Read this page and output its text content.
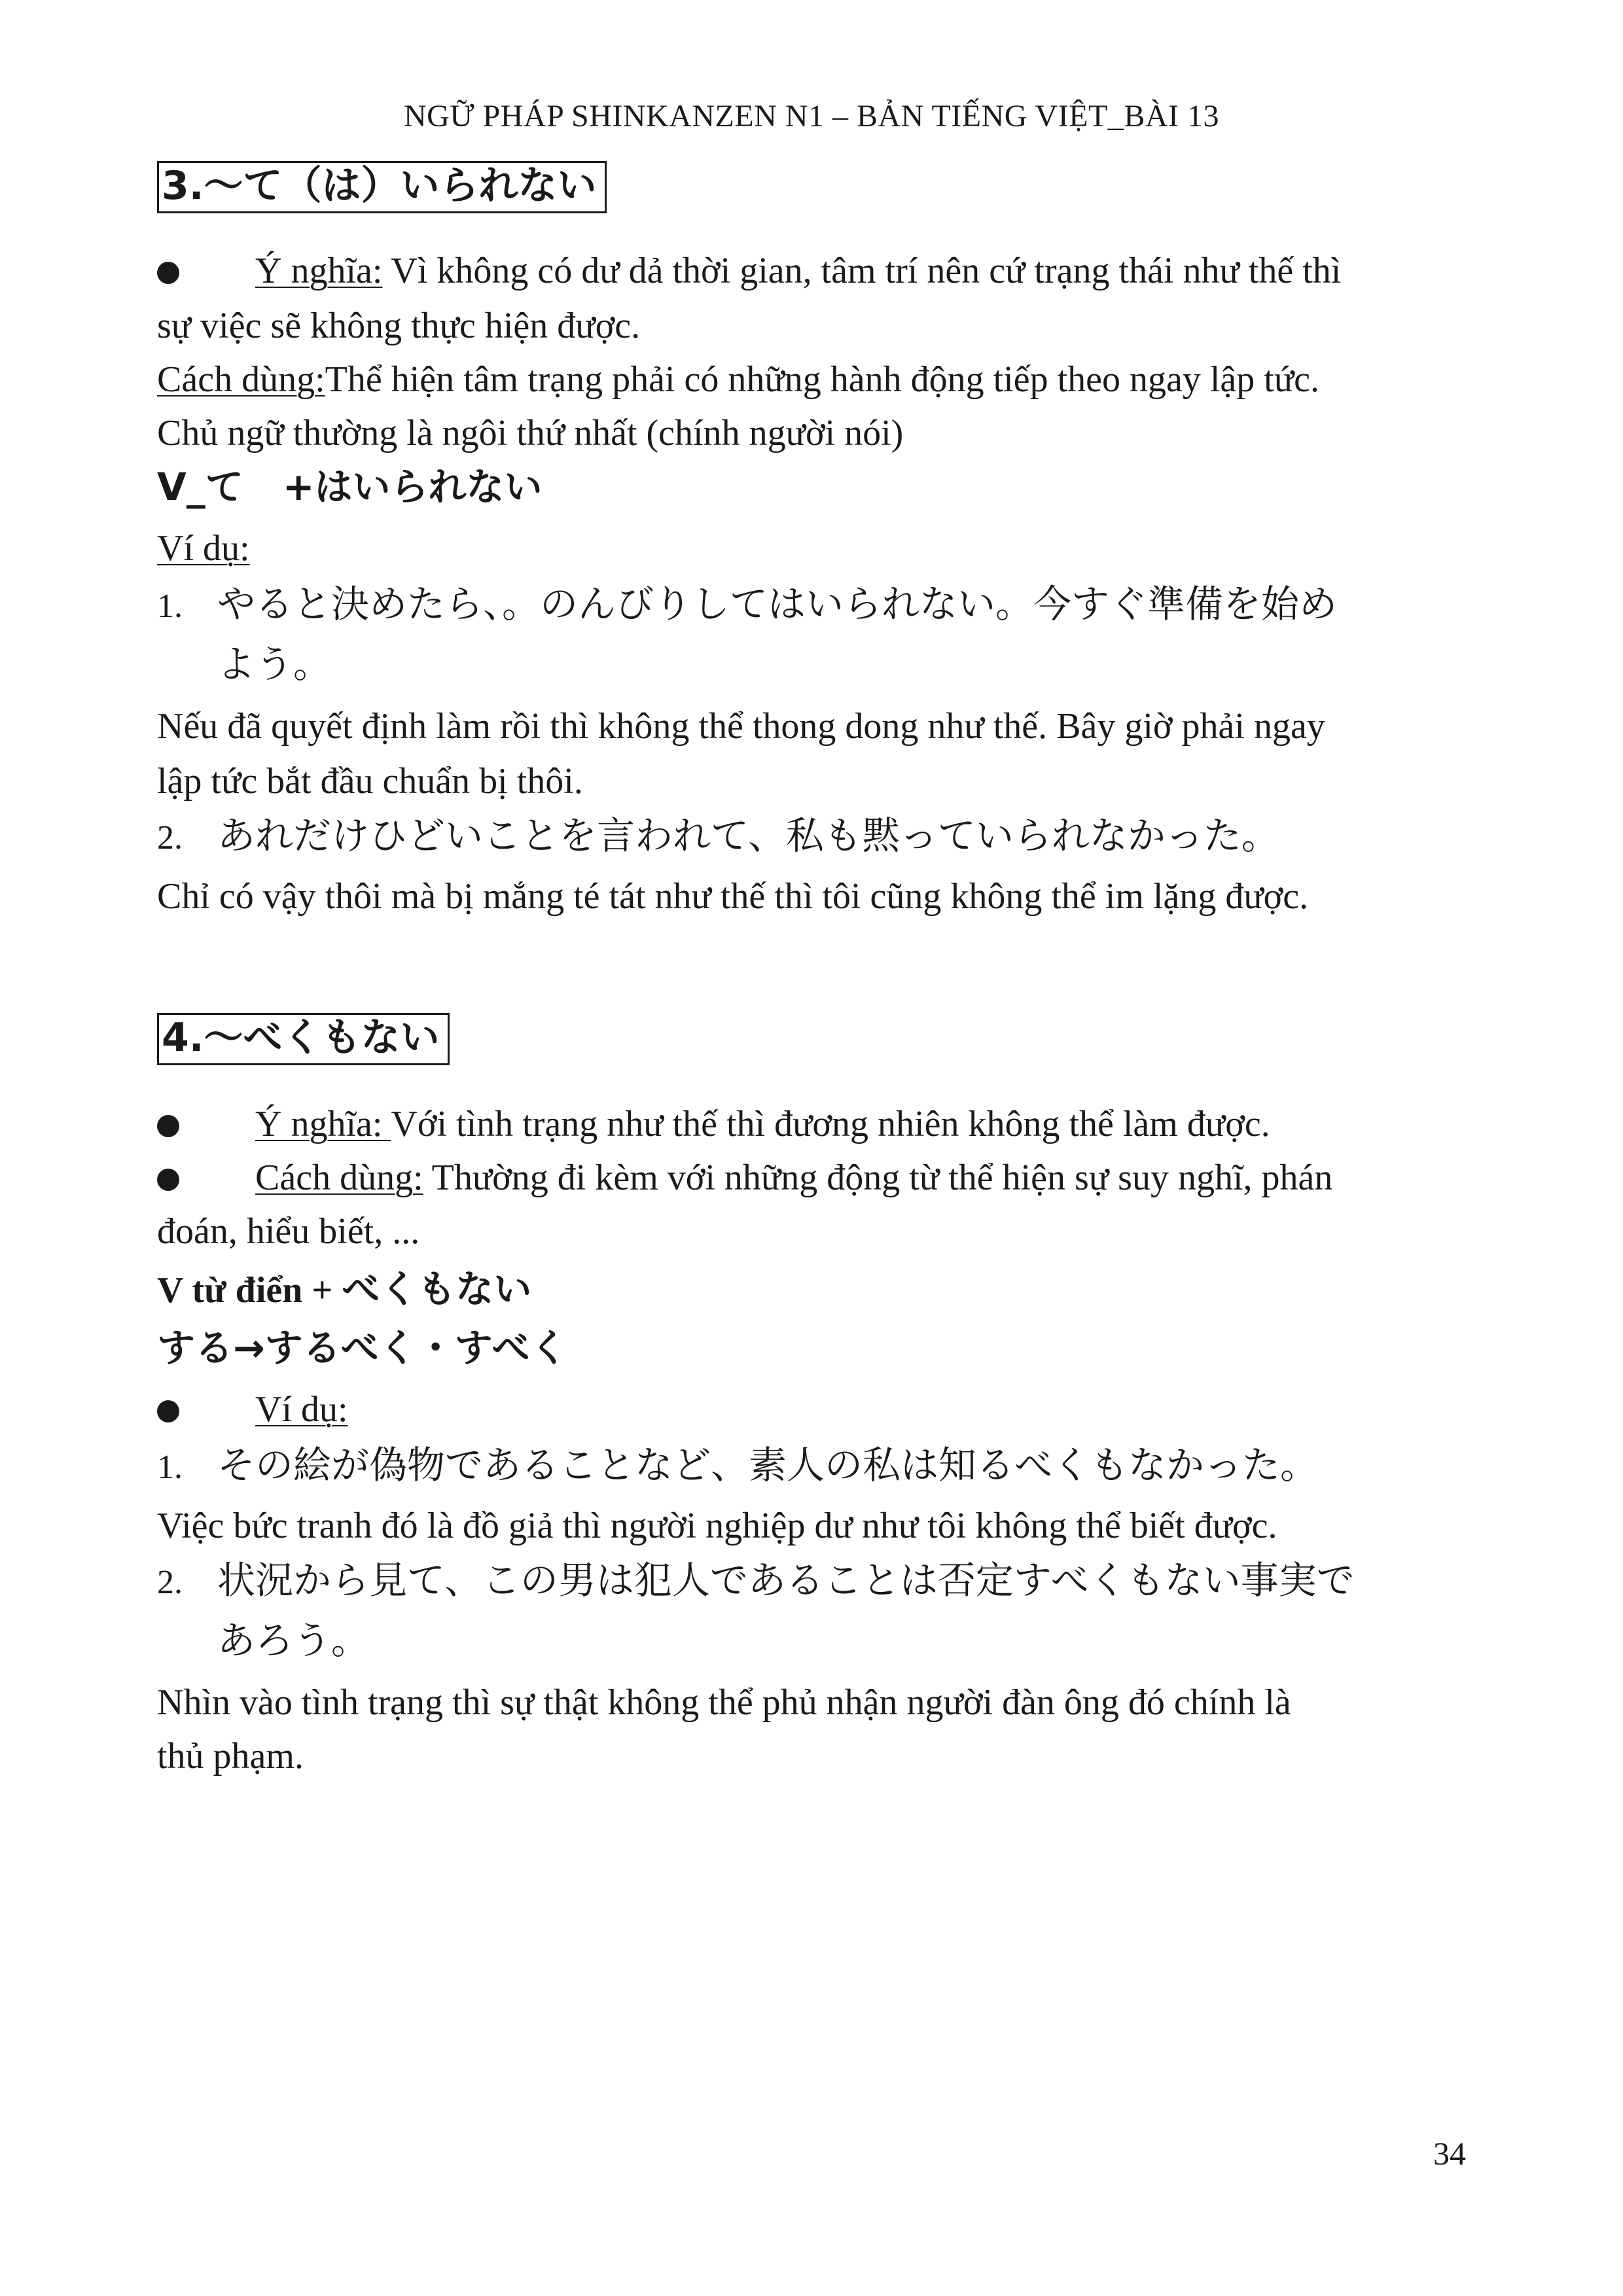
NGỮ PHÁP SHINKANZEN N1 – BẢN TIẾNG VIỆT_BÀI 13
3.〜て（は）いられない
Ý nghĩa: Vì không có dư dả thời gian, tâm trí nên cứ trạng thái như thế thì
sự việc sẽ không thực hiện được.
Cách dùng:Thể hiện tâm trạng phải có những hành động tiếp theo ngay lập tức.
Chủ ngữ thường là ngôi thứ nhất (chính người nói)
V_て +はいられない
Ví dụ:
1. やると決めたら、。のんびりしてはいられない。今すぐ準備を始め
よう。
Nếu đã quyết định làm rồi thì không thể thong dong như thế. Bây giờ phải ngay
lập tức bắt đầu chuẩn bị thôi.
2. あれだけひどいことを言われて、私も黙っていられなかった。
Chỉ có vậy thôi mà bị mắng té tát như thế thì tôi cũng không thể im lặng được.
4.〜べくもない
Ý nghĩa: Với tình trạng như thế thì đương nhiên không thể làm được.
Cách dùng: Thường đi kèm với những động từ thể hiện sự suy nghĩ, phán
đoán, hiểu biết, ...
V từ điển + べくもない
する→するべく・すべく
Ví dụ:
1. その絵が偽物であることなど、素人の私は知るべくもなかった。
Việc bức tranh đó là đồ giả thì người nghiệp dư như tôi không thể biết được.
2. 状況から見て、この男は犯人であることは否定すべくもない事実で
あろう。
Nhìn vào tình trạng thì sự thật không thể phủ nhận người đàn ông đó chính là
thủ phạm.
34
